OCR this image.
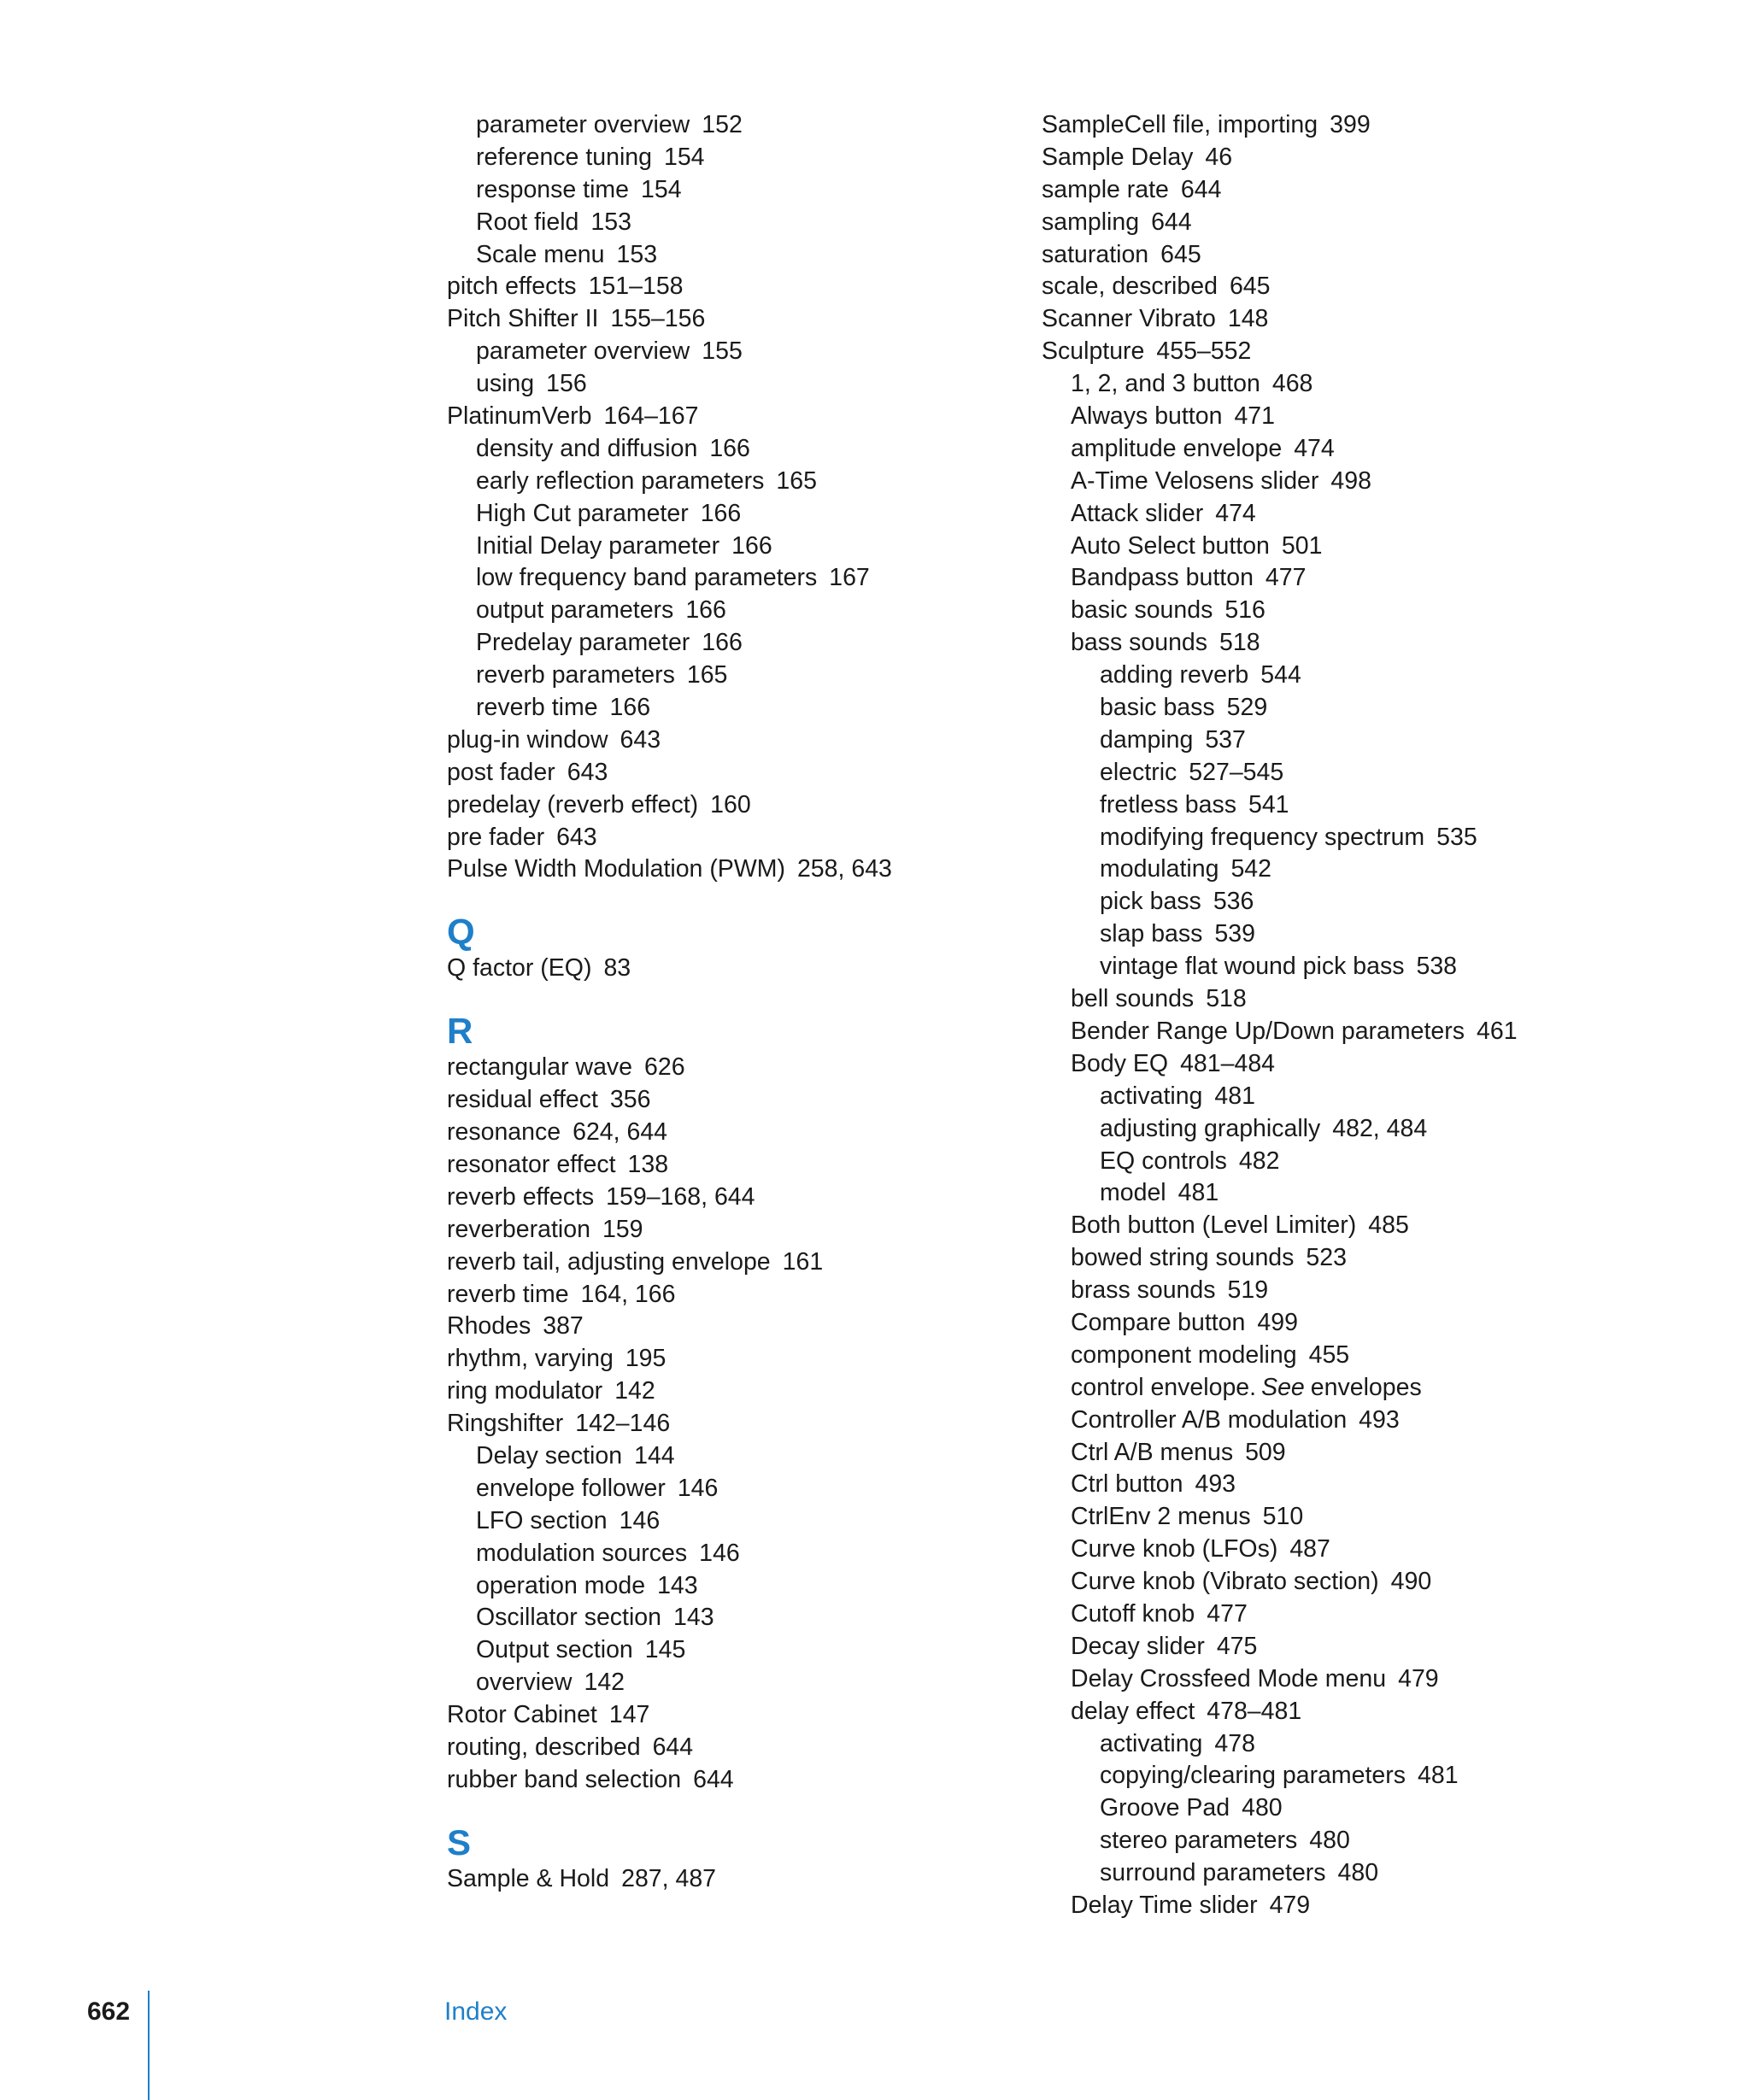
parameter overview 152
reference tuning 154
response time 154
Root field 153
Scale menu 153
pitch effects 151–158
Pitch Shifter II 155–156
parameter overview 155
using 156
PlatinumVerb 164–167
density and diffusion 166
early reflection parameters 165
High Cut parameter 166
Initial Delay parameter 166
low frequency band parameters 167
output parameters 166
Predelay parameter 166
reverb parameters 165
reverb time 166
plug-in window 643
post fader 643
predelay (reverb effect) 160
pre fader 643
Pulse Width Modulation (PWM) 258, 643
Q
Q factor (EQ) 83
R
rectangular wave 626
residual effect 356
resonance 624, 644
resonator effect 138
reverb effects 159–168, 644
reverberation 159
reverb tail, adjusting envelope 161
reverb time 164, 166
Rhodes 387
rhythm, varying 195
ring modulator 142
Ringshifter 142–146
Delay section 144
envelope follower 146
LFO section 146
modulation sources 146
operation mode 143
Oscillator section 143
Output section 145
overview 142
Rotor Cabinet 147
routing, described 644
rubber band selection 644
S
Sample & Hold 287, 487
SampleCell file, importing 399
Sample Delay 46
sample rate 644
sampling 644
saturation 645
scale, described 645
Scanner Vibrato 148
Sculpture 455–552
1, 2, and 3 button 468
Always button 471
amplitude envelope 474
A-Time Velosens slider 498
Attack slider 474
Auto Select button 501
Bandpass button 477
basic sounds 516
bass sounds 518
adding reverb 544
basic bass 529
damping 537
electric 527–545
fretless bass 541
modifying frequency spectrum 535
modulating 542
pick bass 536
slap bass 539
vintage flat wound pick bass 538
bell sounds 518
Bender Range Up/Down parameters 461
Body EQ 481–484
activating 481
adjusting graphically 482, 484
EQ controls 482
model 481
Both button (Level Limiter) 485
bowed string sounds 523
brass sounds 519
Compare button 499
component modeling 455
control envelope. See envelopes
Controller A/B modulation 493
Ctrl A/B menus 509
Ctrl button 493
CtrlEnv 2 menus 510
Curve knob (LFOs) 487
Curve knob (Vibrato section) 490
Cutoff knob 477
Decay slider 475
Delay Crossfeed Mode menu 479
delay effect 478–481
activating 478
copying/clearing parameters 481
Groove Pad 480
stereo parameters 480
surround parameters 480
Delay Time slider 479
662	Index
